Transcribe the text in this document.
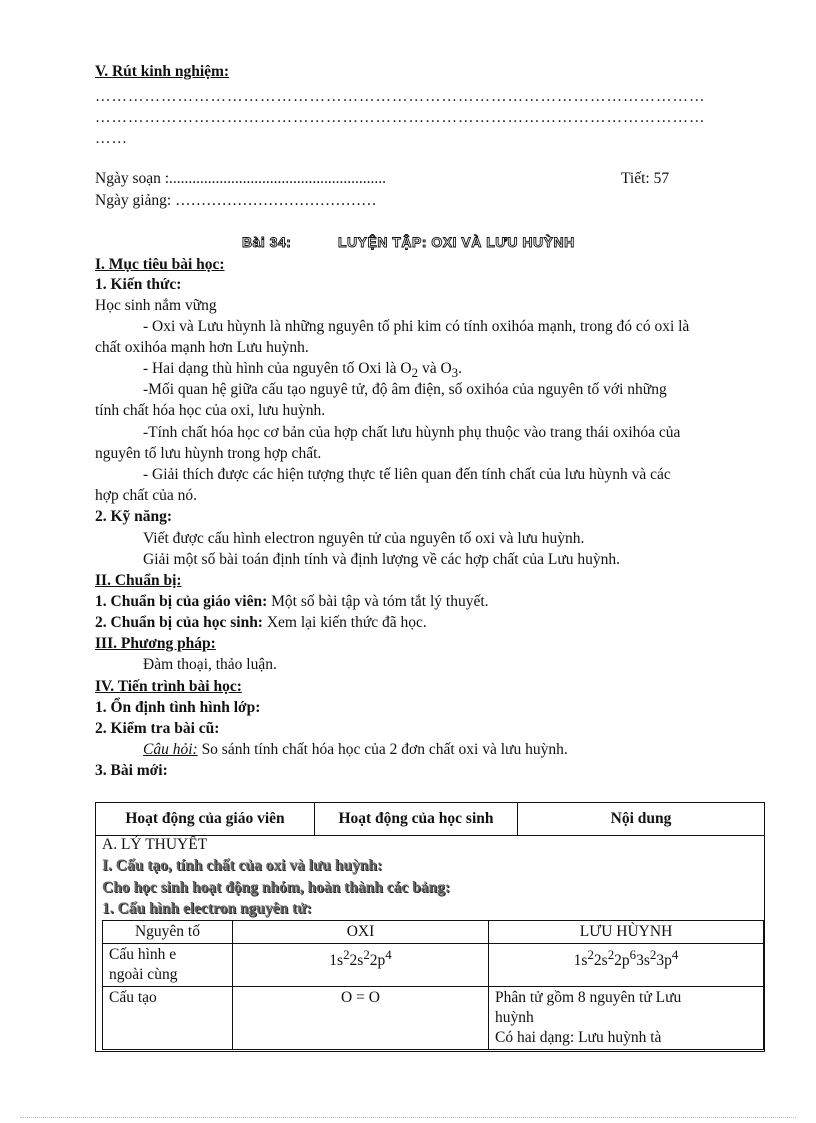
V. Rút kinh nghiệm:
…………………………………………………………………………………………………
…………………………………………………………………………………………………
……
Ngày soạn :........................................................	Tiết: 57
Ngày giảng: …………………………………
Bài 34:	LUYỆN TẬP: OXI VÀ LƯU HUỲNH
I. Mục tiêu bài học:
1. Kiến thức:
Học sinh nắm vững
- Oxi và Lưu hùynh là những nguyên tố phi kim có tính oxihóa mạnh, trong đó có oxi là
chất oxihóa mạnh hơn Lưu huỳnh.
- Hai dạng thù hình của nguyên tố Oxi là $O_2$ và $O_3$.
-Mối quan hệ giữa cấu tạo nguyê tử, độ âm điện, số oxihóa của nguyên tố với những
tính chất hóa học của oxi, lưu huỳnh.
-Tính chất hóa học cơ bản của hợp chất lưu hùynh phụ thuộc vào trang thái oxihóa của
nguyên tố lưu hùynh trong hợp chất.
- Giải thích được các hiện tượng thực tế liên quan đến tính chất của lưu hùynh và các
hợp chất của nó.
2. Kỹ năng:
Viết được cấu hình electron nguyên tử của nguyên tố oxi và lưu huỳnh.
Giải một số bài toán định tính và định lượng về các hợp chất của Lưu huỳnh.
II. Chuẩn bị:
1. Chuẩn bị của giáo viên: Một số bài tập và tóm tắt lý thuyết.
2. Chuẩn bị của học sinh: Xem lại kiến thức đã học.
III. Phương pháp:
Đàm thoại, thảo luận.
IV. Tiến trình bài học:
1. Ổn định tình hình lớp:
2. Kiểm tra bài cũ:
Câu hỏi: So sánh tính chất hóa học của 2 đơn chất oxi và lưu huỳnh.
3. Bài mới:
Hoạt động của giáo viên	Hoạt động của học sinh	Nội dung

A. LÝ THUYẾT
I. Cấu tạo, tính chất của oxi và lưu huỳnh:
Cho học sinh hoạt động nhóm, hoàn thành các bảng:
1. Cấu hình electron nguyên tử:
Nguyên tố	OXI	LƯU HÙYNH

Cấu hình e
ngoài cùng	$1s^22s^22p^4$	$1s^22s^22p^63s^23p^4$
Cấu tạo	O = O	Phân tử gồm 8 nguyên tử Lưu
huỳnh
Có hai dạng: Lưu huỳnh tà
